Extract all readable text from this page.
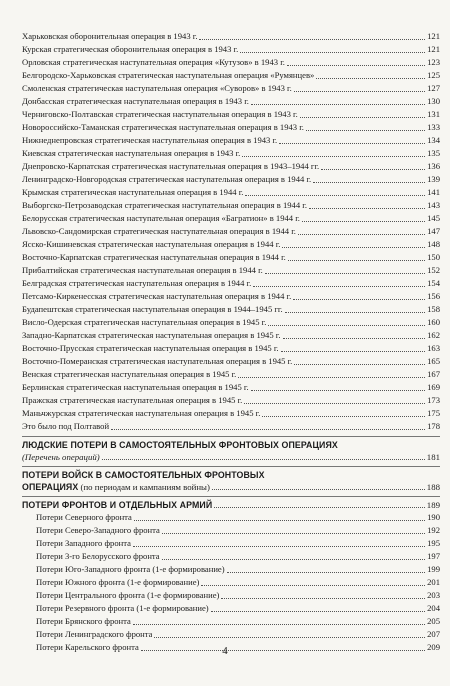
Харьковская оборонительная операция в 1943 г.	121
Курская стратегическая оборонительная операция в 1943 г.	121
Орловская стратегическая наступательная операция «Кутузов» в 1943 г.	123
Белгородско-Харьковская стратегическая наступательная операция «Румянцев»	125
Смоленская стратегическая наступательная операция «Суворов» в 1943 г.	127
Донбасская стратегическая наступательная операция в 1943 г.	130
Черниговско-Полтавская стратегическая наступательная операция в 1943 г.	131
Новороссийско-Таманская стратегическая наступательная операция в 1943 г.	133
Нижнеднепровская стратегическая наступательная операция в 1943 г.	134
Киевская стратегическая наступательная операция в 1943 г.	135
Днепровско-Карпатская стратегическая наступательная операция в 1943–1944 гг.	136
Ленинградско-Новгородская стратегическая наступательная операция в 1944 г.	139
Крымская стратегическая наступательная операция в 1944 г.	141
Выборгско-Петрозаводская стратегическая наступательная операция в 1944 г.	143
Белорусская стратегическая наступательная операция «Багратион» в 1944 г.	145
Львовско-Сандомирская стратегическая наступательная операция в 1944 г.	147
Ясско-Кишиневская стратегическая наступательная операция в 1944 г.	148
Восточно-Карпатская стратегическая наступательная операция в 1944 г.	150
Прибалтийская стратегическая наступательная операция в 1944 г.	152
Белградская стратегическая наступательная операция в 1944 г.	154
Петсамо-Киркенесская стратегическая наступательная операция в 1944 г.	156
Будапештская стратегическая наступательная операция в 1944–1945 гг.	158
Висло-Одерская стратегическая наступательная операция в 1945 г.	160
Западно-Карпатская стратегическая наступательная операция в 1945 г.	162
Восточно-Прусская стратегическая наступательная операция в 1945 г.	163
Восточно-Померанская стратегическая наступательная операция в 1945 г.	165
Венская стратегическая наступательная операция в 1945 г.	167
Берлинская стратегическая наступательная операция в 1945 г.	169
Пражская стратегическая наступательная операция в 1945 г.	173
Маньчжурская стратегическая наступательная операция в 1945 г.	175
Это было под Полтавой	178
ЛЮДСКИЕ ПОТЕРИ В САМОСТОЯТЕЛЬНЫХ ФРОНТОВЫХ ОПЕРАЦИЯХ
(Перечень операций)	181
ПОТЕРИ ВОЙСК В САМОСТОЯТЕЛЬНЫХ ФРОНТОВЫХ
ОПЕРАЦИЯХ (по периодам и кампаниям войны)	188
ПОТЕРИ ФРОНТОВ И ОТДЕЛЬНЫХ АРМИЙ	189
Потери Северного фронта	190
Потери Северо-Западного фронта	192
Потери Западного фронта	195
Потери 3-го Белорусского фронта	197
Потери Юго-Западного фронта (1-е формирование)	199
Потери Южного фронта (1-е формирование)	201
Потери Центрального фронта (1-е формирование)	203
Потери Резервного фронта (1-е формирование)	204
Потери Брянского фронта	205
Потери Ленинградского фронта	207
Потери Карельского фронта	209
4
